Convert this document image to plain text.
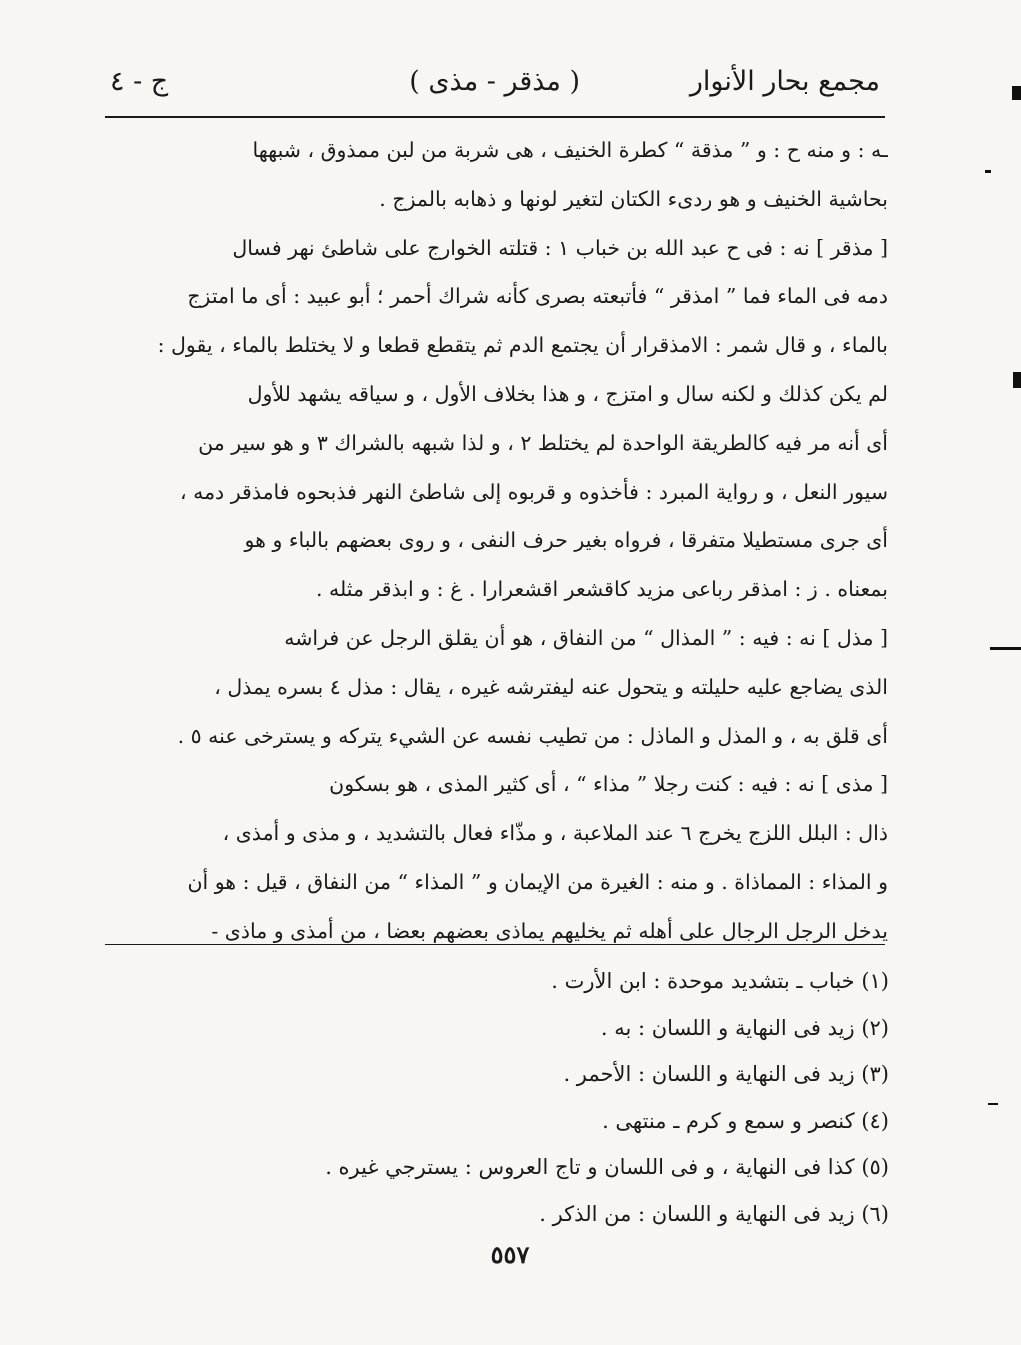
مجمع بحار الأنوار
( مذقر - مذى )
ج - ٤
ـه : و منه ح : و ” مذقة “ كطرة الخنيف ، هى شربة من لبن ممذوق ، شبهها
بحاشية الخنيف و هو ردىء الكتان لتغير لونها و ذهابه بالمزج .
[ مذقر ] نه : فى ح عبد الله بن خباب ١ : قتلته الخوارج على شاطئ نهر فسال
دمه فى الماء فما ” امذقر “ فأتبعته بصرى كأنه شراك أحمر ؛ أبو عبيد : أى ما امتزج
بالماء ، و قال شمر : الامذقرار أن يجتمع الدم ثم يتقطع قطعا و لا يختلط بالماء ، يقول :
لم يكن كذلك و لكنه سال و امتزج ، و هذا بخلاف الأول ، و سياقه يشهد للأول
أى أنه مر فيه كالطريقة الواحدة لم يختلط ٢ ، و لذا شبهه بالشراك ٣ و هو سير من
سيور النعل ، و رواية المبرد : فأخذوه و قربوه إلى شاطئ النهر فذبحوه فامذقر دمه ،
أى جرى مستطيلا متفرقا ، فرواه بغير حرف النفى ، و روى بعضهم بالباء و هو
بمعناه . ز : امذقر رباعى مزيد كاقشعر اقشعرارا . غ : و ابذقر مثله .
[ مذل ] نه : فيه : ” المذال “ من النفاق ، هو أن يقلق الرجل عن فراشه
الذى يضاجع عليه حليلته و يتحول عنه ليفترشه غيره ، يقال : مذل ٤ بسره يمذل ،
أى قلق به ، و المذل و الماذل : من تطيب نفسه عن الشيء يتركه و يسترخى عنه ٥ .
[ مذى ] نه : فيه : كنت رجلا ” مذاء “ ، أى كثير المذى ، هو بسكون
ذال : البلل اللزج يخرج ٦ عند الملاعبة ، و مذّاء فعال بالتشديد ، و مذى و أمذى ،
و المذاء : المماذاة . و منه : الغيرة من الإيمان و ” المذاء “ من النفاق ، قيل : هو أن
يدخل الرجل الرجال على أهله ثم يخليهم يماذى بعضهم بعضا ، من أمذى و ماذى -
(١) خباب ـ بتشديد موحدة : ابن الأرت .
(٢) زيد فى النهاية و اللسان : به .
(٣) زيد فى النهاية و اللسان : الأحمر .
(٤) كنصر و سمع و كرم ـ منتهى .
(٥) كذا فى النهاية ، و فى اللسان و تاج العروس : يسترجي غيره .
(٦) زيد فى النهاية و اللسان : من الذكر .
٥٥٧
